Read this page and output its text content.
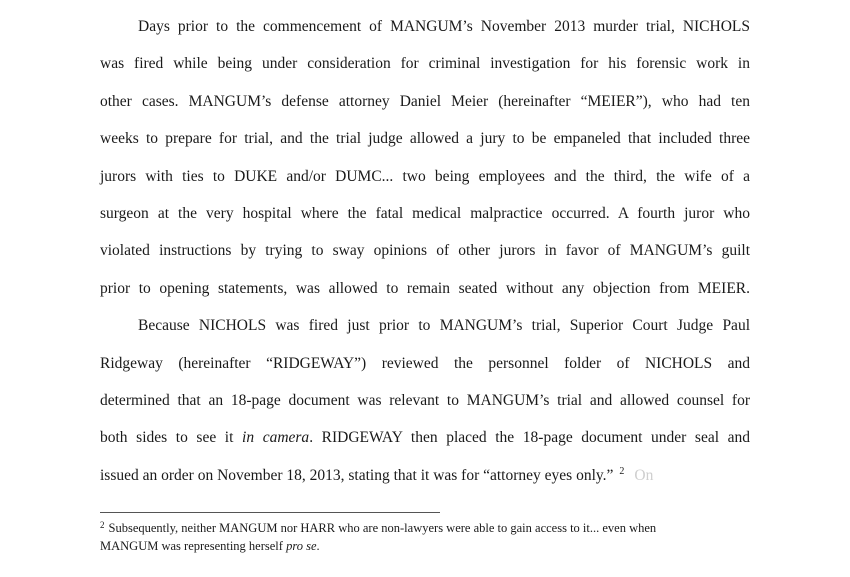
Days prior to the commencement of MANGUM’s November 2013 murder trial, NICHOLS
was fired while being under consideration for criminal investigation for his forensic work in
other cases. MANGUM’s defense attorney Daniel Meier (hereinafter “MEIER”), who had ten
weeks to prepare for trial, and the trial judge allowed a jury to be empaneled that included three
jurors with ties to DUKE and/or DUMC... two being employees and the third, the wife of a
surgeon at the very hospital where the fatal medical malpractice occurred. A fourth juror who
violated instructions by trying to sway opinions of other jurors in favor of MANGUM’s guilt
prior to opening statements, was allowed to remain seated without any objection from MEIER.
Because NICHOLS was fired just prior to MANGUM’s trial, Superior Court Judge Paul
Ridgeway (hereinafter “RIDGEWAY”) reviewed the personnel folder of NICHOLS and
determined that an 18-page document was relevant to MANGUM’s trial and allowed counsel for
both sides to see it in camera. RIDGEWAY then placed the 18-page document under seal and
issued an order on November 18, 2013, stating that it was for “attorney eyes only.” $^2$ On
$^2$ Subsequently, neither MANGUM nor HARR who are non-lawyers were able to gain access to it... even when
MANGUM was representing herself pro se.
